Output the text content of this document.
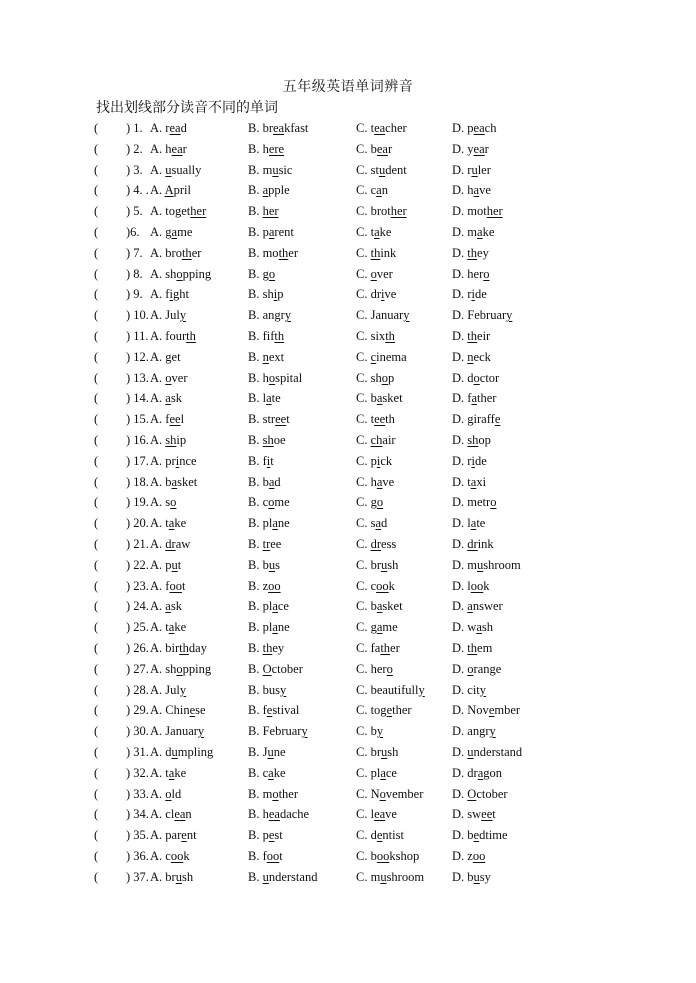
五年级英语单词辨音
找出划线部分读音不同的单词
( ) 1. A. read	B. breakfast	C. teacher	D. peach
( ) 2. A. hear	B. here	C. bear	D. year
( ) 3. A. usually	B. music	C. student	D. ruler
( ) 4. . A. April	B. apple	C. can	D. have
( ) 5. A. together	B. her	C. brother	D. mother
( )6. A. game	B. parent	C. take	D. make
( ) 7. A. brother	B. mother	C. think	D. they
( ) 8. A. shopping	B. go	C. over	D. hero
( ) 9. A. fight	B. ship	C. drive	D. ride
( ) 10. A. July	B. angry	C. January	D. February
( ) 11. A. fourth	B. fifth	C. sixth	D. their
( ) 12. A. get	B. next	C. cinema	D. neck
( ) 13. A. over	B. hospital	C. shop	D. doctor
( ) 14. A. ask	B. late	C. basket	D. father
( ) 15. A. feel	B. street	C. teeth	D. giraffe
( ) 16. A. ship	B. shoe	C. chair	D. shop
( ) 17. A. prince	B. fit	C. pick	D. ride
( ) 18. A. basket	B. bad	C. have	D. taxi
( ) 19. A. so	B. come	C. go	D. metro
( ) 20. A. take	B. plane	C. sad	D. late
( ) 21. A. draw	B. tree	C. dress	D. drink
( ) 22. A. put	B. bus	C. brush	D. mushroom
( ) 23. A. foot	B. zoo	C. cook	D. look
( ) 24. A. ask	B. place	C. basket	D. answer
( ) 25. A. take	B. plane	C. game	D. wash
( ) 26. A. birthday	B. they	C. father	D. them
( ) 27. A. shopping	B. October	C. hero	D. orange
( ) 28. A. July	B. busy	C. beautifully D. city
( ) 29. A. Chinese	B. festival	C. together	D. November
( ) 30. A. January	B. February	C. by	D. angry
( ) 31. A. dumpling	B. June	C. brush	D. understand
( ) 32. A. take	B. cake	C. place	D. dragon
( ) 33. A. old	B. mother	C. November D. October
( ) 34. A. clean	B. headache	C. leave	D. sweet
( ) 35. A. parent	B. pest	C. dentist	D. bedtime
( ) 36. A. cook	B. foot	C. bookshop	D. zoo
( ) 37. A. brush	B. understand	C. mushroom D. busy
